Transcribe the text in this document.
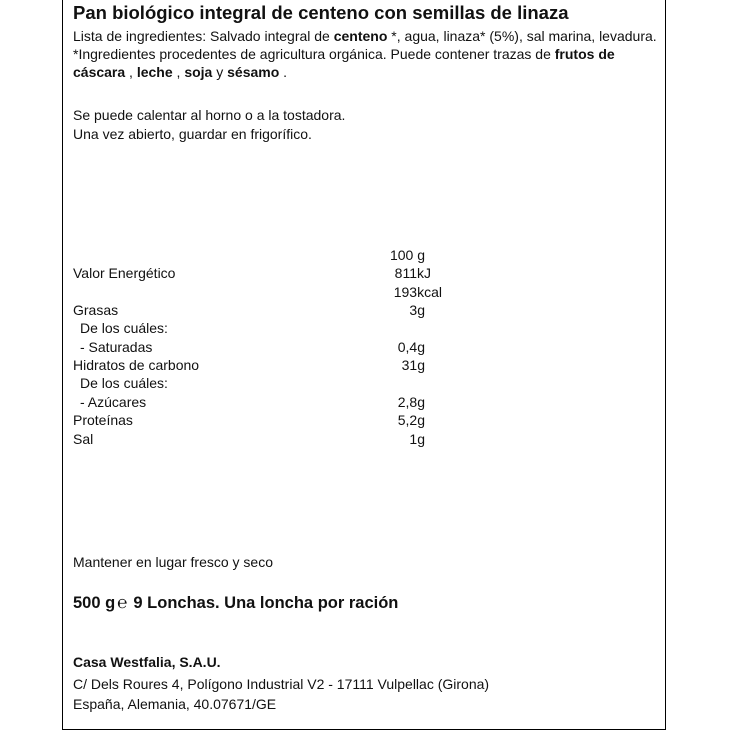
Pan biológico integral de centeno con semillas de linaza
Lista de ingredientes: Salvado integral de centeno *, agua, linaza* (5%), sal marina, levadura. *Ingredientes procedentes de agricultura orgánica. Puede contener trazas de frutos de cáscara , leche , soja y sésamo .
Se puede calentar al horno o a la tostadora.
Una vez abierto, guardar en frigorífico.
100 g
Valor Energético	811kJ
193kcal
Grasas	3g
De los cuáles:
- Saturadas	0,4g
Hidratos de carbono	31g
De los cuáles:
- Azúcares	2,8g
Proteínas	5,2g
Sal	1g
Mantener en lugar fresco y seco
500 g ℮ 9 Lonchas. Una loncha por ración
Casa Westfalia, S.A.U.
C/ Dels Roures 4, Polígono Industrial V2 - 17111 Vulpellac (Girona)
España, Alemania, 40.07671/GE
